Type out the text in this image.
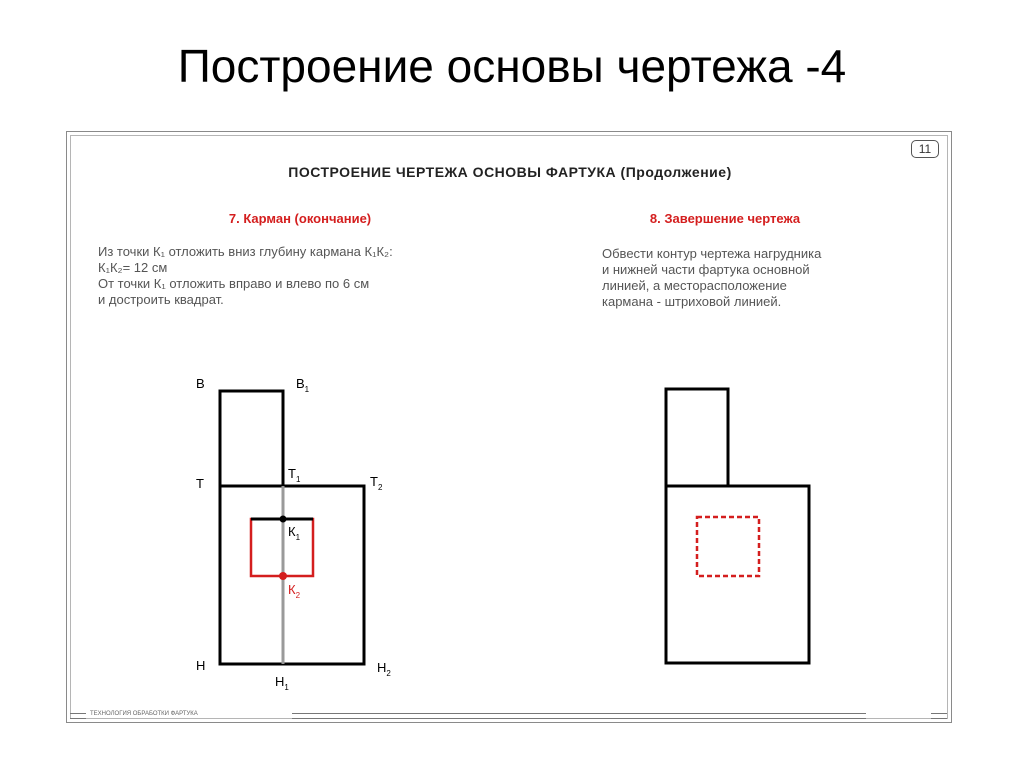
Построение основы чертежа -4
11
ПОСТРОЕНИЕ ЧЕРТЕЖА ОСНОВЫ ФАРТУКА (Продолжение)
7. Карман (окончание)
Из точки К₁ отложить вниз глубину кармана К₁К₂:
К₁К₂= 12 см
От точки К₁ отложить вправо и влево по 6 см
и достроить квадрат.
8. Завершение чертежа
Обвести контур чертежа нагрудника
и нижней части фартука основной
линией, а месторасположение
кармана - штриховой линией.
В	$В_1$
Т
$Т_1$	$Т_2$
$К_1$
$К_2$
Н
$Н_1$
$Н_2$
ТЕХНОЛОГИЯ ОБРАБОТКИ ФАРТУКА
